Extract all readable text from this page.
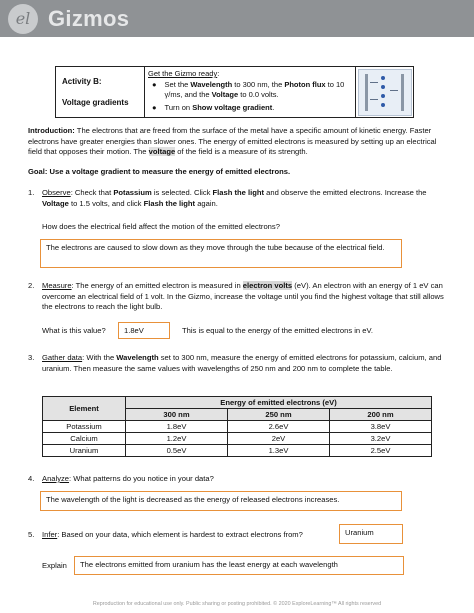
el Gizmos
Activity B:
Voltage gradients
Get the Gizmo ready:
● Set the Wavelength to 300 nm, the Photon flux to 10 γ/ms, and the Voltage to 0.0 volts.
● Turn on Show voltage gradient.
Introduction: The electrons that are freed from the surface of the metal have a specific amount of kinetic energy. Faster electrons have greater energies than slower ones. The energy of emitted electrons is measured by setting up an electrical field that opposes their motion. The voltage of the field is a measure of its strength.
Goal: Use a voltage gradient to measure the energy of emitted electrons.
1. Observe: Check that Potassium is selected. Click Flash the light and observe the emitted electrons. Increase the Voltage to 1.5 volts, and click Flash the light again.
How does the electrical field affect the motion of the emitted electrons?
The electrons are caused to slow down as they move through the tube because of the electrical field.
2. Measure: The energy of an emitted electron is measured in electron volts (eV). An electron with an energy of 1 eV can overcome an electrical field of 1 volt. In the Gizmo, increase the voltage until you find the highest voltage that still allows the electrons to reach the light bulb.
What is this value?	1.8eV	This is equal to the energy of the emitted electrons in eV.
3. Gather data: With the Wavelength set to 300 nm, measure the energy of emitted electrons for potassium, calcium, and uranium. Then measure the same values with wavelengths of 250 nm and 200 nm to complete the table.
Element	Energy of emitted electrons (eV)		
	300 nm	250 nm	200 nm
Potassium	1.8eV	2.6eV	3.8eV
Calcium	1.2eV	2eV	3.2eV
Uranium	0.5eV	1.3eV	2.5eV
4. Analyze: What patterns do you notice in your data?
The wavelength of the light is decreased as the energy of released electrons increases.
5. Infer: Based on your data, which element is hardest to extract electrons from?	Uranium
Explain	The electrons emitted from uranium has the least energy at each wavelength
Reproduction for educational use only. Public sharing or posting prohibited. © 2020 ExploreLearning™ All rights reserved
